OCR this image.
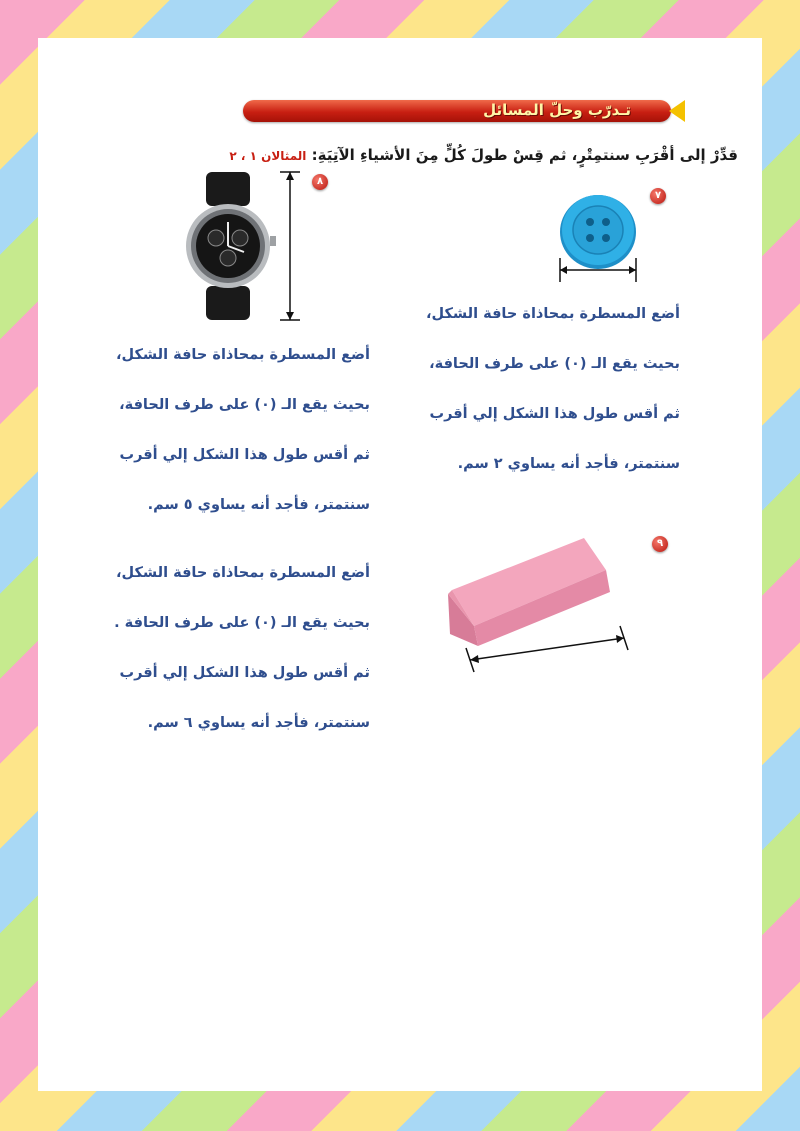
تـدرّب وحلّ المسائل
قدِّرْ إلى أقْرَبِ سنتمِتْرٍ، ثم قِسْ طولَ كُلٍّ مِنَ الأشياءِ الآتِيَةِ: المثالان ١ ، ٢
٧
أضع المسطرة بمحاذاة حافة الشكل،
بحيث يقع الـ (٠) على طرف الحافة،
ثم أقس طول هذا الشكل إلي أقرب
سنتمتر، فأجد أنه يساوي ٢ سم.
٨
أضع المسطرة بمحاذاة حافة الشكل،
بحيث يقع الـ (٠) على طرف الحافة،
ثم أقس طول هذا الشكل إلي أقرب
سنتمتر، فأجد أنه يساوي ٥ سم.
٩
أضع المسطرة بمحاذاة حافة الشكل،
بحيث يقع الـ (٠) على طرف الحافة .
ثم أقس طول هذا الشكل إلي أقرب
سنتمتر، فأجد أنه يساوي ٦ سم.
